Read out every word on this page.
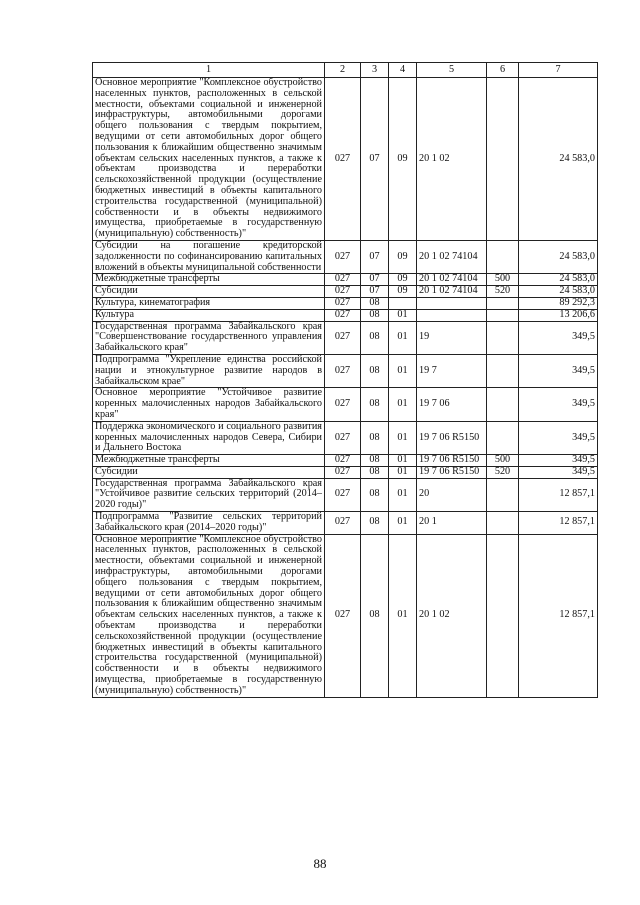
1	2	3	4	5	6	7
Основное мероприятие "Комплексное обустройство населенных пунктов, расположенных в сельской местности, объектами социальной и инженерной инфраструктуры, автомобильными дорогами общего пользования с твердым покрытием, ведущими от сети автомобильных дорог общего пользования к ближайшим общественно значимым объектам сельских населенных пунктов, а также к объектам производства и переработки сельскохозяйственной продукции (осуществление бюджетных инвестиций в объекты капитального строительства государственной (муниципальной) собственности и в объекты недвижимого имущества, приобретаемые в государственную (муниципальную) собственность)"	027	07	09	20 1 02		24 583,0
Субсидии на погашение кредиторской задолженности по софинансированию капитальных вложений в объекты муниципальной собственности	027	07	09	20 1 02 74104		24 583,0
Межбюджетные трансферты	027	07	09	20 1 02 74104	500	24 583,0
Субсидии	027	07	09	20 1 02 74104	520	24 583,0
Культура, кинематография	027	08				89 292,3
Культура	027	08	01			13 206,6
Государственная программа Забайкальского края "Совершенствование государственного управления Забайкальского края"	027	08	01	19		349,5
Подпрограмма "Укрепление единства российской нации и этнокультурное развитие народов в Забайкальском крае"	027	08	01	19 7		349,5
Основное мероприятие "Устойчивое развитие коренных малочисленных народов Забайкальского края"	027	08	01	19 7 06		349,5
Поддержка экономического и социального развития коренных малочисленных народов Севера, Сибири и Дальнего Востока	027	08	01	19 7 06 R5150		349,5
Межбюджетные трансферты	027	08	01	19 7 06 R5150	500	349,5
Субсидии	027	08	01	19 7 06 R5150	520	349,5
Государственная программа Забайкальского края "Устойчивое развитие сельских территорий (2014–2020 годы)"	027	08	01	20		12 857,1
Подпрограмма "Развитие сельских территорий Забайкальского края (2014–2020 годы)"	027	08	01	20 1		12 857,1
Основное мероприятие "Комплексное обустройство населенных пунктов, расположенных в сельской местности, объектами социальной и инженерной инфраструктуры, автомобильными дорогами общего пользования с твердым покрытием, ведущими от сети автомобильных дорог общего пользования к ближайшим общественно значимым объектам сельских населенных пунктов, а также к объектам производства и переработки сельскохозяйственной продукции (осуществление бюджетных инвестиций в объекты капитального строительства государственной (муниципальной) собственности и в объекты недвижимого имущества, приобретаемые в государственную (муниципальную) собственность)"	027	08	01	20 1 02		12 857,1
88
